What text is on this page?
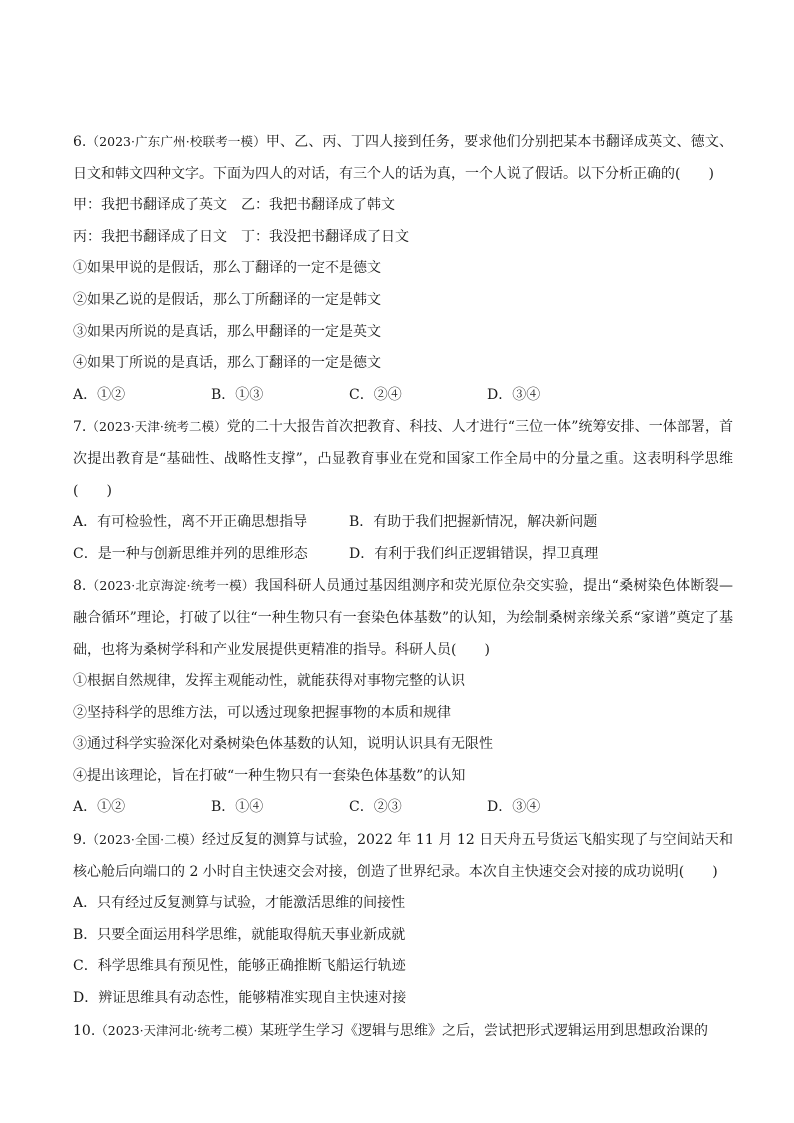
6.（2023·广东广州·校联考一模）甲、乙、丙、丁四人接到任务，要求他们分别把某本书翻译成英文、德文、日文和韩文四种文字。下面为四人的对话，有三个人的话为真，一个人说了假话。以下分析正确的(　　)
甲：我把书翻译成了英文　乙：我把书翻译成了韩文
丙：我把书翻译成了日文　丁：我没把书翻译成了日文
①如果甲说的是假话，那么丁翻译的一定不是德文
②如果乙说的是假话，那么丁所翻译的一定是韩文
③如果丙所说的是真话，那么甲翻译的一定是英文
④如果丁所说的是真话，那么丁翻译的一定是德文
A．①②	B．①③	C．②④	D．③④
7.（2023·天津·统考二模）党的二十大报告首次把教育、科技、人才进行“三位一体”统筹安排、一体部署，首次提出教育是“基础性、战略性支撑”，凸显教育事业在党和国家工作全局中的分量之重。这表明科学思维(　　)
A．有可检验性，离不开正确思想指导	B．有助于我们把握新情况，解决新问题
C．是一种与创新思维并列的思维形态	D．有利于我们纠正逻辑错误，捍卫真理
8.（2023·北京海淀·统考一模）我国科研人员通过基因组测序和荧光原位杂交实验，提出“桑树染色体断裂—融合循环”理论，打破了以往“一种生物只有一套染色体基数”的认知，为绘制桑树亲缘关系“家谱”奠定了基础，也将为桑树学科和产业发展提供更精准的指导。科研人员(　　)
①根据自然规律，发挥主观能动性，就能获得对事物完整的认识
②坚持科学的思维方法，可以透过现象把握事物的本质和规律
③通过科学实验深化对桑树染色体基数的认知，说明认识具有无限性
④提出该理论，旨在打破“一种生物只有一套染色体基数”的认知
A．①②	B．①④	C．②③	D．③④
9.（2023·全国·二模）经过反复的测算与试验，2022 年 11 月 12 日天舟五号货运飞船实现了与空间站天和核心舱后向端口的 2 小时自主快速交会对接，创造了世界纪录。本次自主快速交会对接的成功说明(　　)
A．只有经过反复测算与试验，才能激活思维的间接性
B．只要全面运用科学思维，就能取得航天事业新成就
C．科学思维具有预见性，能够正确推断飞船运行轨迹
D．辨证思维具有动态性，能够精准实现自主快速对接
10.（2023·天津河北·统考二模）某班学生学习《逻辑与思维》之后，尝试把形式逻辑运用到思想政治课的
